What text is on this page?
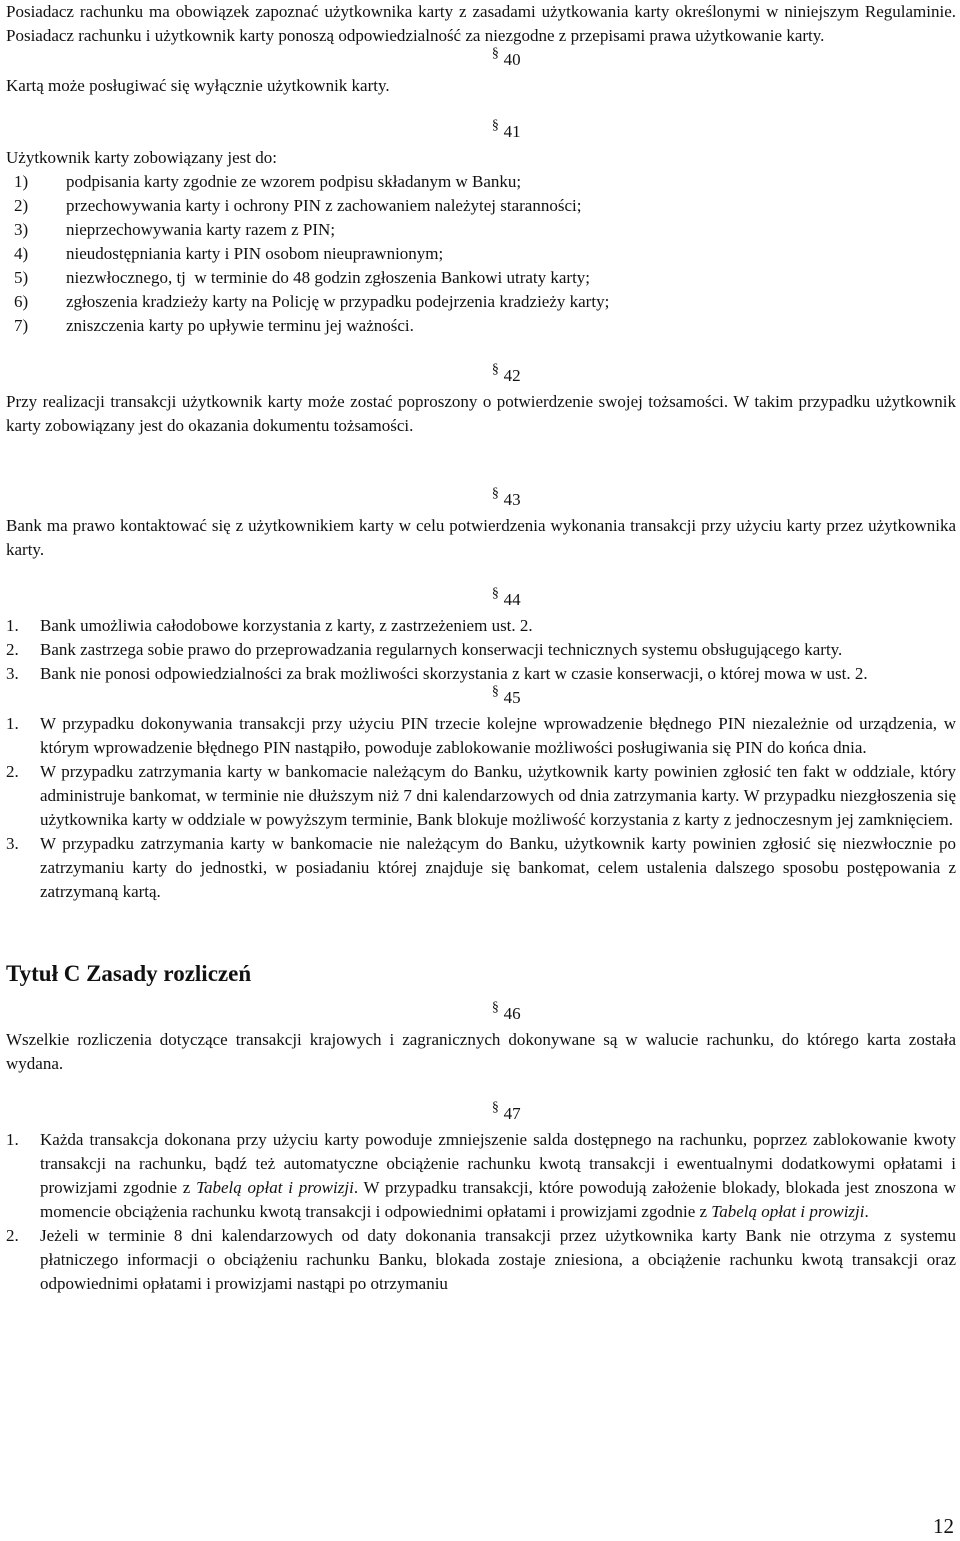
Posiadacz rachunku ma obowiązek zapoznać użytkownika karty z zasadami użytkowania karty określonymi w niniejszym Regulaminie. Posiadacz rachunku i użytkownik karty ponoszą odpowiedzialność za niezgodne z przepisami prawa użytkowanie karty.

§ 40

Kartą może posługiwać się wyłącznie użytkownik karty.

§ 41

Użytkownik karty zobowiązany jest do:

1)	podpisania karty zgodnie ze wzorem podpisu składanym w Banku;
2)	przechowywania karty i ochrony PIN z zachowaniem należytej staranności;
3)	nieprzechowywania karty razem z PIN;
4)	nieudostępniania karty i PIN osobom nieuprawnionym;
5)	niezwłocznego, tj  w terminie do 48 godzin zgłoszenia Bankowi utraty karty;
6)	zgłoszenia kradzieży karty na Policję w przypadku podejrzenia kradzieży karty;
7)	zniszczenia karty po upływie terminu jej ważności.
§ 42

Przy realizacji transakcji użytkownik karty może zostać poproszony o potwierdzenie swojej tożsamości. W takim przypadku użytkownik karty zobowiązany jest do okazania dokumentu tożsamości.

§ 43

Bank ma prawo kontaktować się z użytkownikiem karty w celu potwierdzenia wykonania transakcji przy użyciu karty przez użytkownika karty.

§ 44
1.	Bank umożliwia całodobowe korzystania z karty, z zastrzeżeniem ust. 2.
2.	Bank zastrzega sobie prawo do przeprowadzania regularnych konserwacji technicznych systemu obsługującego karty.
3.	Bank nie ponosi odpowiedzialności za brak możliwości skorzystania z kart w czasie konserwacji, o której mowa w ust. 2.
§ 45
1.	W przypadku dokonywania transakcji przy użyciu PIN trzecie kolejne wprowadzenie błędnego PIN niezależnie od urządzenia, w którym wprowadzenie błędnego PIN nastąpiło, powoduje zablokowanie możliwości posługiwania się PIN do końca dnia.
2.	W przypadku zatrzymania karty w bankomacie należącym do Banku, użytkownik karty powinien zgłosić ten fakt w oddziale, który administruje bankomat, w terminie nie dłuższym niż 7 dni kalendarzowych od dnia zatrzymania karty. W przypadku niezgłoszenia się użytkownika karty w oddziale w powyższym terminie, Bank blokuje możliwość korzystania z karty z jednoczesnym jej zamknięciem.
3.	W przypadku zatrzymania karty w bankomacie nie należącym do Banku, użytkownik karty powinien zgłosić się niezwłocznie po zatrzymaniu karty do jednostki, w posiadaniu której znajduje się bankomat, celem ustalenia dalszego sposobu postępowania z zatrzymaną kartą.
Tytuł C Zasady rozliczeń
§ 46

Wszelkie rozliczenia dotyczące transakcji krajowych i zagranicznych dokonywane są w walucie rachunku, do którego karta została wydana.

§ 47
1.	Każda transakcja dokonana przy użyciu karty powoduje zmniejszenie salda dostępnego na rachunku, poprzez zablokowanie kwoty transakcji na rachunku, bądź też automatyczne obciążenie rachunku kwotą transakcji i ewentualnymi dodatkowymi opłatami i prowizjami zgodnie z Tabelą opłat i prowizji. W przypadku transakcji, które powodują założenie blokady, blokada jest znoszona w momencie obciążenia rachunku kwotą transakcji i odpowiednimi opłatami i prowizjami zgodnie z Tabelą opłat i prowizji.
2.	Jeżeli w terminie 8 dni kalendarzowych od daty dokonania transakcji przez użytkownika karty Bank nie otrzyma z systemu płatniczego informacji o obciążeniu rachunku Banku, blokada zostaje zniesiona, a obciążenie rachunku kwotą transakcji oraz odpowiednimi opłatami i prowizjami nastąpi po otrzymaniu
12
